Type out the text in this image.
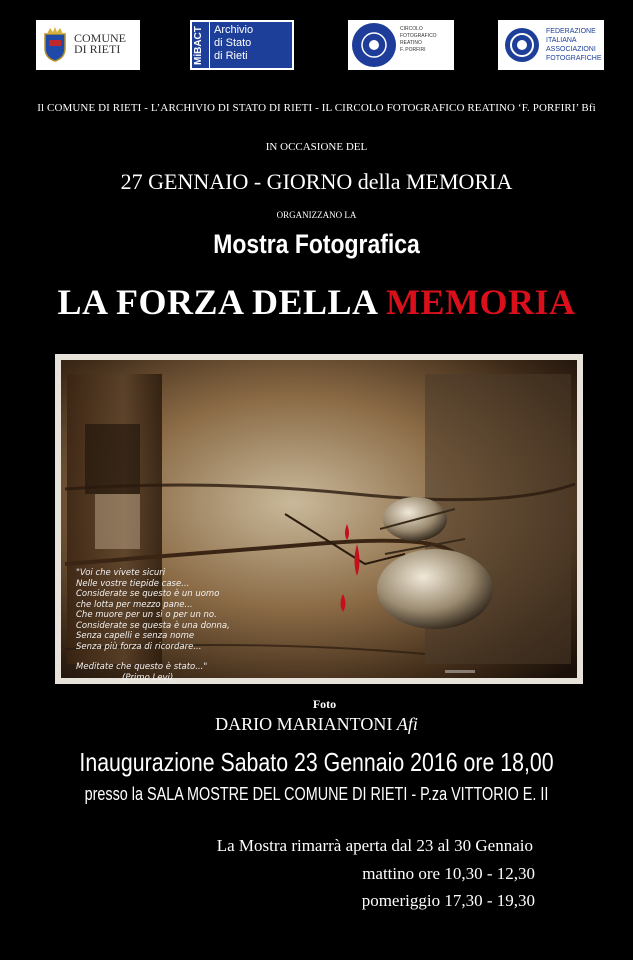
COMUNE
DI RIETI	MiBACT Archivio
di Stato
di Rieti
CIRCOLO
FOTOGRAFICO
REATINO
F. PORFIRI
FEDERAZIONE
ITALIANA
ASSOCIAZIONI
FOTOGRAFICHE
Il COMUNE DI RIETI - L’ARCHIVIO DI STATO DI RIETI - IL CIRCOLO FOTOGRAFICO REATINO ‘F. PORFIRI’ Bfi
IN OCCASIONE DEL
27 GENNAIO - GIORNO della MEMORIA
ORGANIZZANO LA
Mostra Fotografica
LA FORZA DELLA MEMORIA
"Voi che vivete sicuri
Nelle vostre tiepide case...
Considerate se questo è un uomo
che lotta per mezzo pane...
Che muore per un sì o per un no.
Considerate se questa è una donna,
Senza capelli e senza nome
Senza più forza di ricordare...
Meditate che questo è stato..."
(Primo Levi)
Foto
DARIO MARIANTONI Afi
Inaugurazione Sabato 23 Gennaio 2016 ore 18,00
presso la SALA MOSTRE DEL COMUNE DI RIETI - P.za VITTORIO E. II
La Mostra rimarrà aperta dal 23 al 30 Gennaio
mattino ore 10,30 - 12,30
pomeriggio 17,30 - 19,30
